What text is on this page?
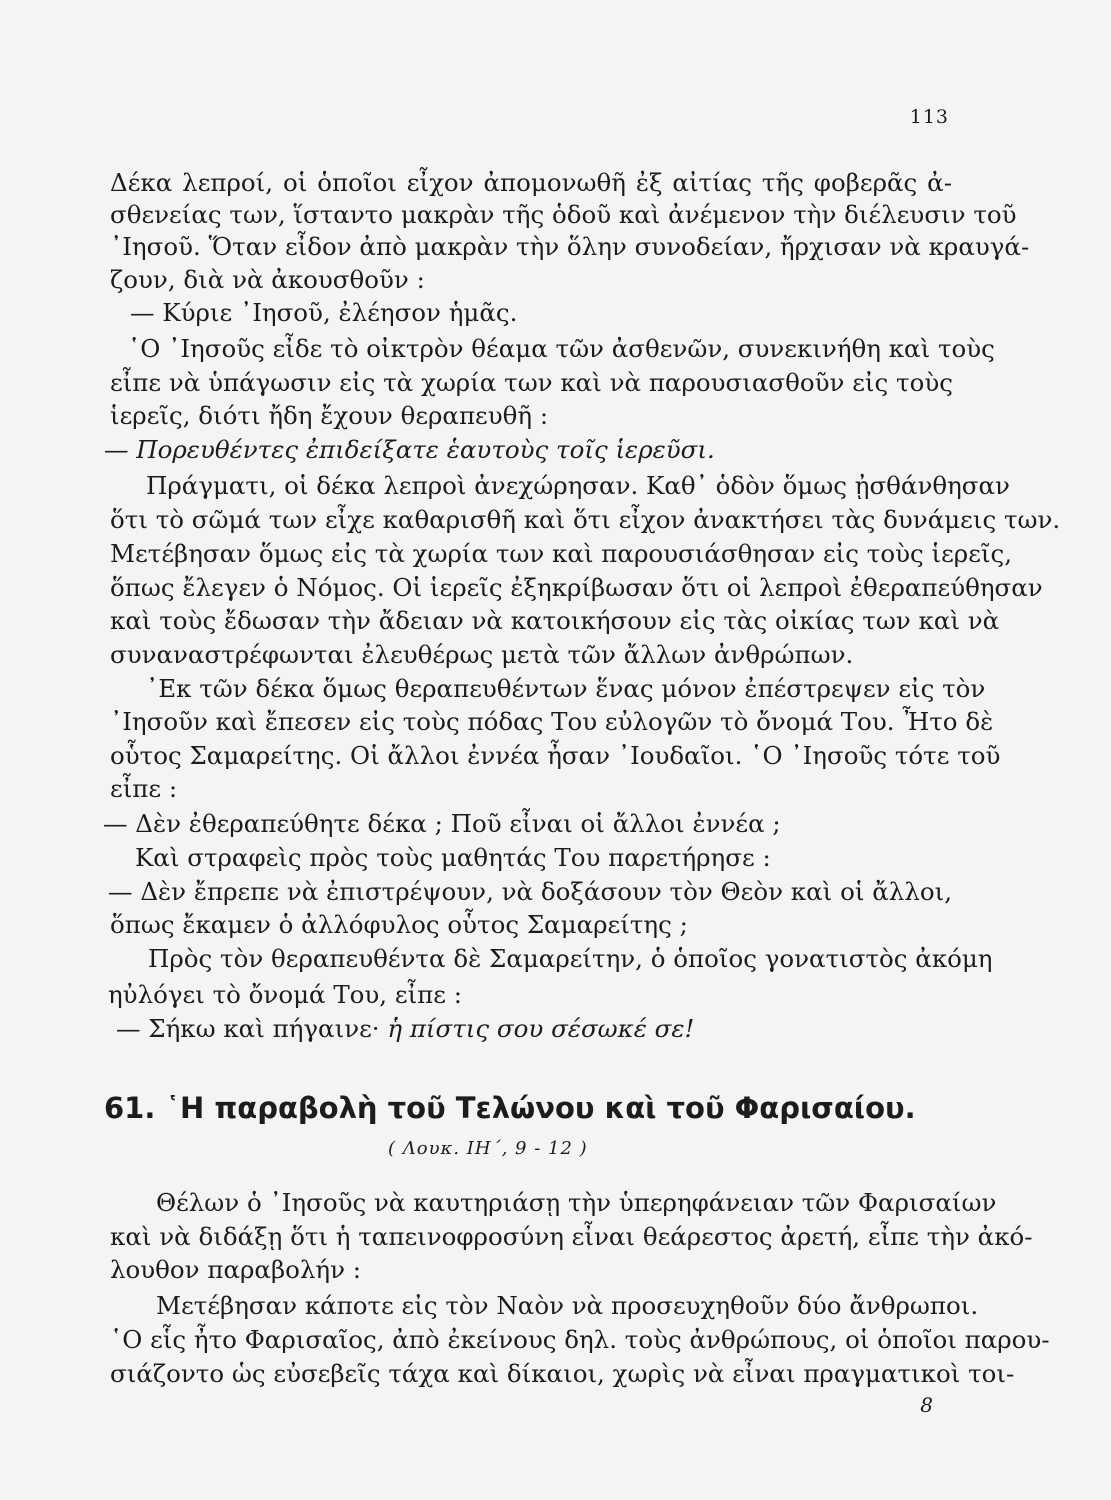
113
Δέκα λεπροί, οἱ ὁποῖοι εἶχον ἀπομονωθῆ ἐξ αἰτίας τῆς φοβερᾶς ἀ-
σθενείας των, ἵσταντο μακρὰν τῆς ὁδοῦ καὶ ἀνέμενον τὴν διέλευσιν τοῦ
᾿Ιησοῦ. Ὅταν εἶδον ἀπὸ μακρὰν τὴν ὅλην συνοδείαν, ἤρχισαν νὰ κραυγά-
ζουν, διὰ νὰ ἀκουσθοῦν :
— Κύριε ᾿Ιησοῦ, ἐλέησον ἡμᾶς.
῾Ο ᾿Ιησοῦς εἶδε τὸ οἰκτρὸν θέαμα τῶν ἀσθενῶν, συνεκινήθη καὶ τοὺς
εἶπε νὰ ὑπάγωσιν εἰς τὰ χωρία των καὶ νὰ παρουσιασθοῦν εἰς τοὺς
ἱερεῖς, διότι ἤδη ἔχουν θεραπευθῆ :
— Πορευθέντες ἐπιδείξατε ἑαυτοὺς τοῖς ἱερεῦσι.
Πράγματι, οἱ δέκα λεπροὶ ἀνεχώρησαν. Καθ᾿ ὁδὸν ὅμως ᾐσθάνθησαν
ὅτι τὸ σῶμά των εἶχε καθαρισθῆ καὶ ὅτι εἶχον ἀνακτήσει τὰς δυνάμεις των.
Μετέβησαν ὅμως εἰς τὰ χωρία των καὶ παρουσιάσθησαν εἰς τοὺς ἱερεῖς,
ὅπως ἔλεγεν ὁ Νόμος. Οἱ ἱερεῖς ἐξηκρίβωσαν ὅτι οἱ λεπροὶ ἐθεραπεύθησαν
καὶ τοὺς ἔδωσαν τὴν ἄδειαν νὰ κατοικήσουν εἰς τὰς οἰκίας των καὶ νὰ
συναναστρέφωνται ἐλευθέρως μετὰ τῶν ἄλλων ἀνθρώπων.
᾿Εκ τῶν δέκα ὅμως θεραπευθέντων ἕνας μόνον ἐπέστρεψεν εἰς τὸν
᾿Ιησοῦν καὶ ἔπεσεν εἰς τοὺς πόδας Του εὐλογῶν τὸ ὄνομά Του. Ἦτο δὲ
οὗτος Σαμαρείτης. Οἱ ἄλλοι ἐννέα ἦσαν ᾿Ιουδαῖοι. ῾Ο ᾿Ιησοῦς τότε τοῦ
εἶπε :
— Δὲν ἐθεραπεύθητε δέκα ; Ποῦ εἶναι οἱ ἄλλοι ἐννέα ;
Καὶ στραφεὶς πρὸς τοὺς μαθητάς Του παρετήρησε :
— Δὲν ἔπρεπε νὰ ἐπιστρέψουν, νὰ δοξάσουν τὸν Θεὸν καὶ οἱ ἄλλοι,
ὅπως ἔκαμεν ὁ ἀλλόφυλος οὗτος Σαμαρείτης ;
Πρὸς τὸν θεραπευθέντα δὲ Σαμαρείτην, ὁ ὁποῖος γονατιστὸς ἀκόμη
ηὐλόγει τὸ ὄνομά Του, εἶπε :
— Σήκω καὶ πήγαινε· ἡ πίστις σου σέσωκέ σε!
61. ῾Η παραβολὴ τοῦ Τελώνου καὶ τοῦ Φαρισαίου.
( Λουκ. ΙΗ΄, 9 - 12 )
Θέλων ὁ ᾿Ιησοῦς νὰ καυτηριάσῃ τὴν ὑπερηφάνειαν τῶν Φαρισαίων
καὶ νὰ διδάξῃ ὅτι ἡ ταπεινοφροσύνη εἶναι θεάρεστος ἀρετή, εἶπε τὴν ἀκό-
λουθον παραβολήν :
Μετέβησαν κάποτε εἰς τὸν Ναὸν νὰ προσευχηθοῦν δύο ἄνθρωποι.
῾Ο εἷς ἦτο Φαρισαῖος, ἀπὸ ἐκείνους δηλ. τοὺς ἀνθρώπους, οἱ ὁποῖοι παρου-
σιάζοντο ὡς εὐσεβεῖς τάχα καὶ δίκαιοι, χωρὶς νὰ εἶναι πραγματικοὶ τοι-
8
